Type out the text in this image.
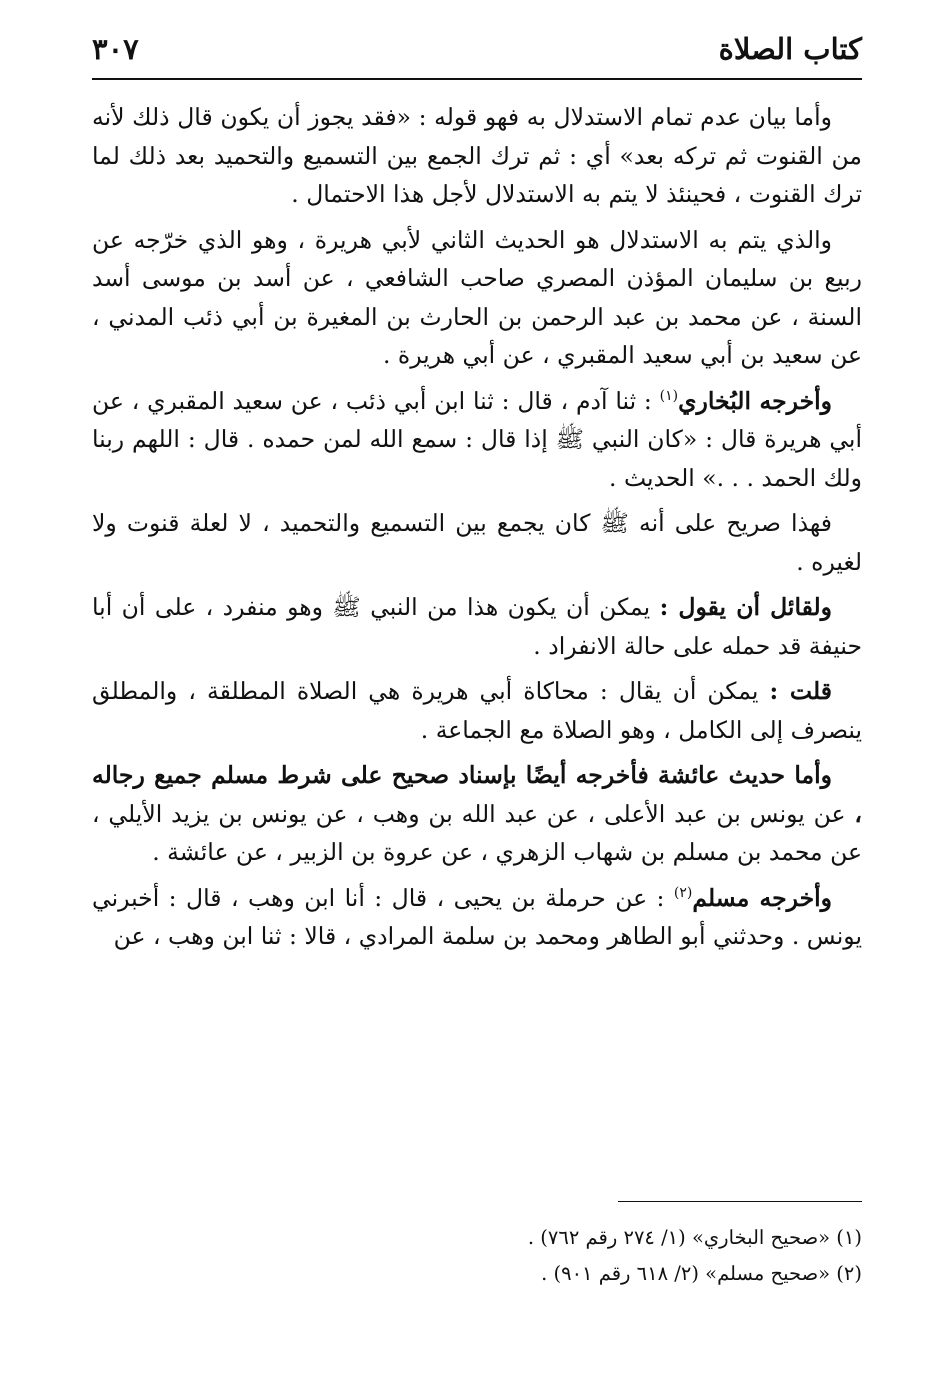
كتاب الصلاة
٣٠٧

وأما بيان عدم تمام الاستدلال به فهو قوله : «فقد يجوز أن يكون قال ذلك لأنه من القنوت ثم تركه بعد» أي : ثم ترك الجمع بين التسميع والتحميد بعد ذلك لما ترك القنوت ، فحينئذ لا يتم به الاستدلال لأجل هذا الاحتمال .

والذي يتم به الاستدلال هو الحديث الثاني لأبي هريرة ، وهو الذي خرّجه عن ربيع بن سليمان المؤذن المصري صاحب الشافعي ، عن أسد بن موسى أسد السنة ، عن محمد بن عبد الرحمن بن الحارث بن المغيرة بن أبي ذئب المدني ، عن سعيد بن أبي سعيد المقبري ، عن أبي هريرة .

وأخرجه البُخاري$^{(١)}$ : ثنا آدم ، قال : ثنا ابن أبي ذئب ، عن سعيد المقبري ، عن أبي هريرة قال : «كان النبي ﷺ إذا قال : سمع الله لمن حمده . قال : اللهم ربنا ولك الحمد . . .» الحديث .

فهذا صريح على أنه ﷺ كان يجمع بين التسميع والتحميد ، لا لعلة قنوت ولا لغيره .

ولقائل أن يقول : يمكن أن يكون هذا من النبي ﷺ وهو منفرد ، على أن أبا حنيفة قد حمله على حالة الانفراد .

قلت : يمكن أن يقال : محاكاة أبي هريرة هي الصلاة المطلقة ، والمطلق ينصرف إلى الكامل ، وهو الصلاة مع الجماعة .

وأما حديث عائشة فأخرجه أيضًا بإسناد صحيح على شرط مسلم جميع رجاله ، عن يونس بن عبد الأعلى ، عن عبد الله بن وهب ، عن يونس بن يزيد الأيلي ، عن محمد بن مسلم بن شهاب الزهري ، عن عروة بن الزبير ، عن عائشة .

وأخرجه مسلم$^{(٢)}$ : عن حرملة بن يحيى ، قال : أنا ابن وهب ، قال : أخبرني يونس . وحدثني أبو الطاهر ومحمد بن سلمة المرادي ، قالا : ثنا ابن وهب ، عن

(١) «صحيح البخاري» (١/ ٢٧٤ رقم ٧٦٢) .

(٢) «صحيح مسلم» (٢/ ٦١٨ رقم ٩٠١) .
